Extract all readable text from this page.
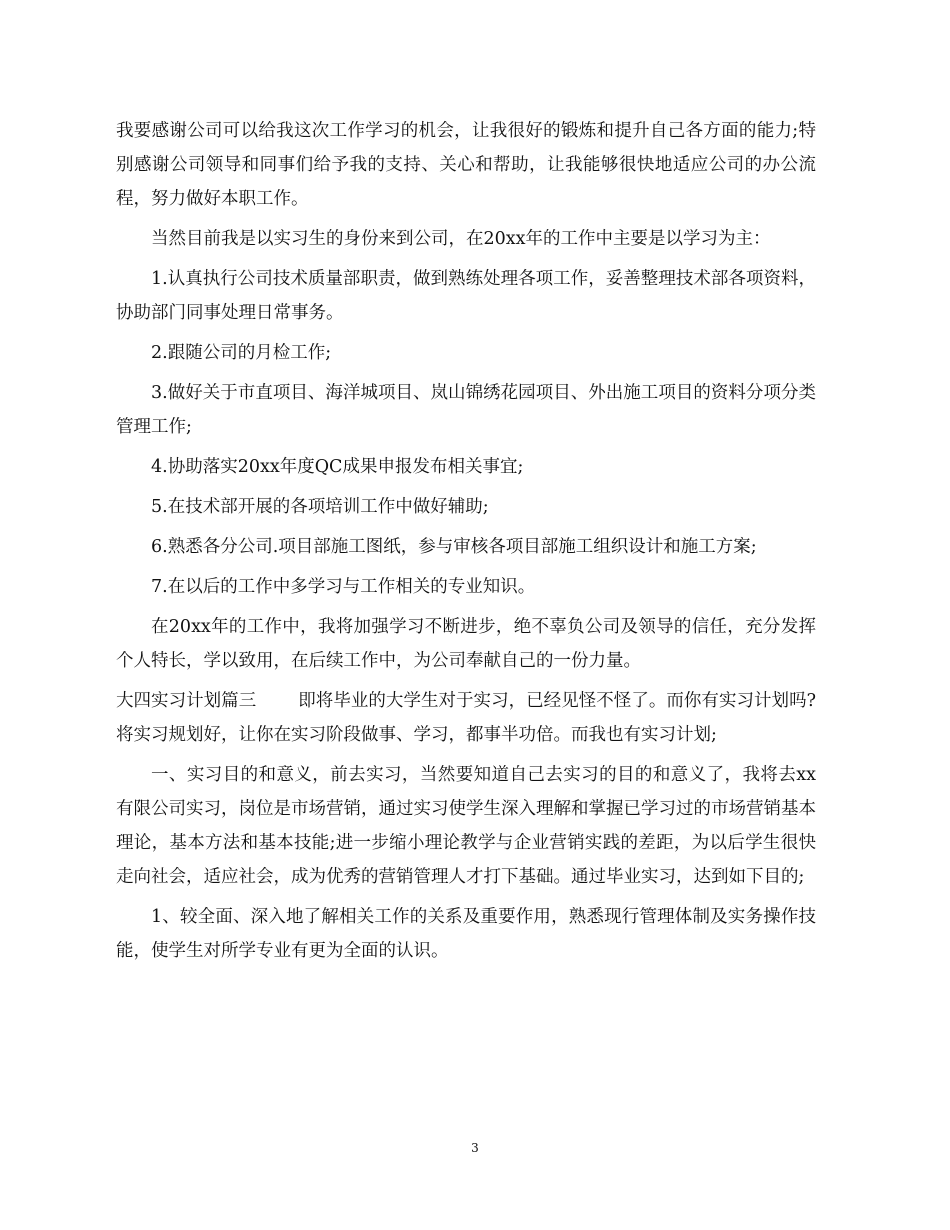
我要感谢公司可以给我这次工作学习的机会，让我很好的锻炼和提升自己各方面的能力;特别感谢公司领导和同事们给予我的支持、关心和帮助，让我能够很快地适应公司的办公流程，努力做好本职工作。

当然目前我是以实习生的身份来到公司，在20xx年的工作中主要是以学习为主：

1.认真执行公司技术质量部职责，做到熟练处理各项工作，妥善整理技术部各项资料，协助部门同事处理日常事务。

2.跟随公司的月检工作;

3.做好关于市直项目、海洋城项目、岚山锦绣花园项目、外出施工项目的资料分项分类管理工作;

4.协助落实20xx年度QC成果申报发布相关事宜;

5.在技术部开展的各项培训工作中做好辅助;

6.熟悉各分公司.项目部施工图纸，参与审核各项目部施工组织设计和施工方案;

7.在以后的工作中多学习与工作相关的专业知识。

在20xx年的工作中，我将加强学习不断进步，绝不辜负公司及领导的信任，充分发挥个人特长，学以致用，在后续工作中，为公司奉献自己的一份力量。

大四实习计划篇三 即将毕业的大学生对于实习，已经见怪不怪了。而你有实习计划吗?将实习规划好，让你在实习阶段做事、学习，都事半功倍。而我也有实习计划;

一、实习目的和意义，前去实习，当然要知道自己去实习的目的和意义了，我将去xx有限公司实习，岗位是市场营销，通过实习使学生深入理解和掌握已学习过的市场营销基本理论，基本方法和基本技能;进一步缩小理论教学与企业营销实践的差距，为以后学生很快走向社会，适应社会，成为优秀的营销管理人才打下基础。通过毕业实习，达到如下目的;

1、较全面、深入地了解相关工作的关系及重要作用，熟悉现行管理体制及实务操作技能，使学生对所学专业有更为全面的认识。

3
